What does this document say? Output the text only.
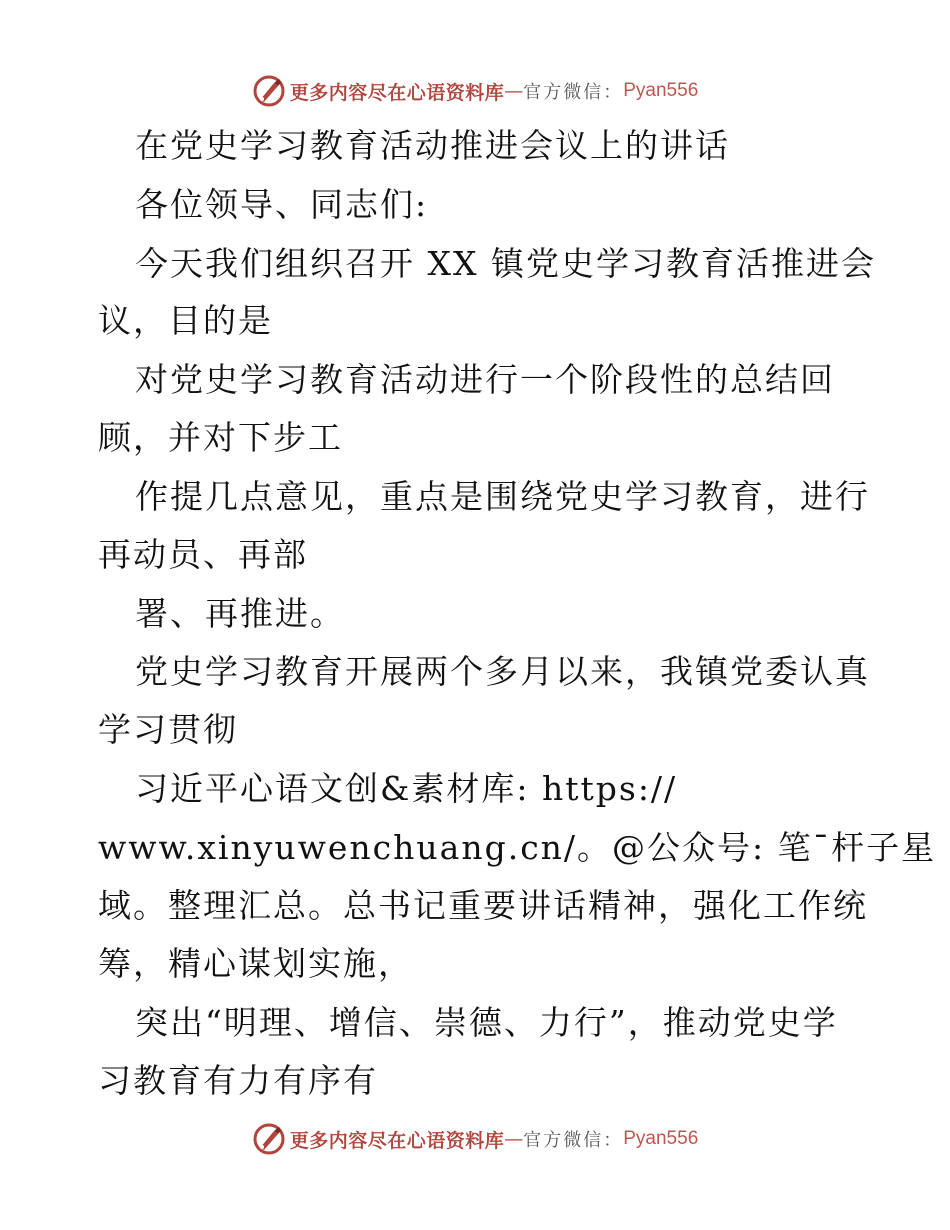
更多内容尽在心语资料库 — 官方微信： Pyan556
在党史学习教育活动推进会议上的讲话
各位领导、同志们:
今天我们组织召开 XX 镇党史学习教育活推进会
议，目的是
对党史学习教育活动进行一个阶段性的总结回
顾，并对下步工
作提几点意见，重点是围绕党史学习教育，进行
再动员、再部
署、再推进。
党史学习教育开展两个多月以来，我镇党委认真
学习贯彻
习近平心语文创&素材库: https://
www.xinyuwenchuang.cn/。@公众号: 笔¯杆子星
域。整理汇总。总书记重要讲话精神，强化工作统
筹，精心谋划实施，
突出“明理、增信、崇德、力行”，推动党史学
习教育有力有序有
更多内容尽在心语资料库 — 官方微信： Pyan556
